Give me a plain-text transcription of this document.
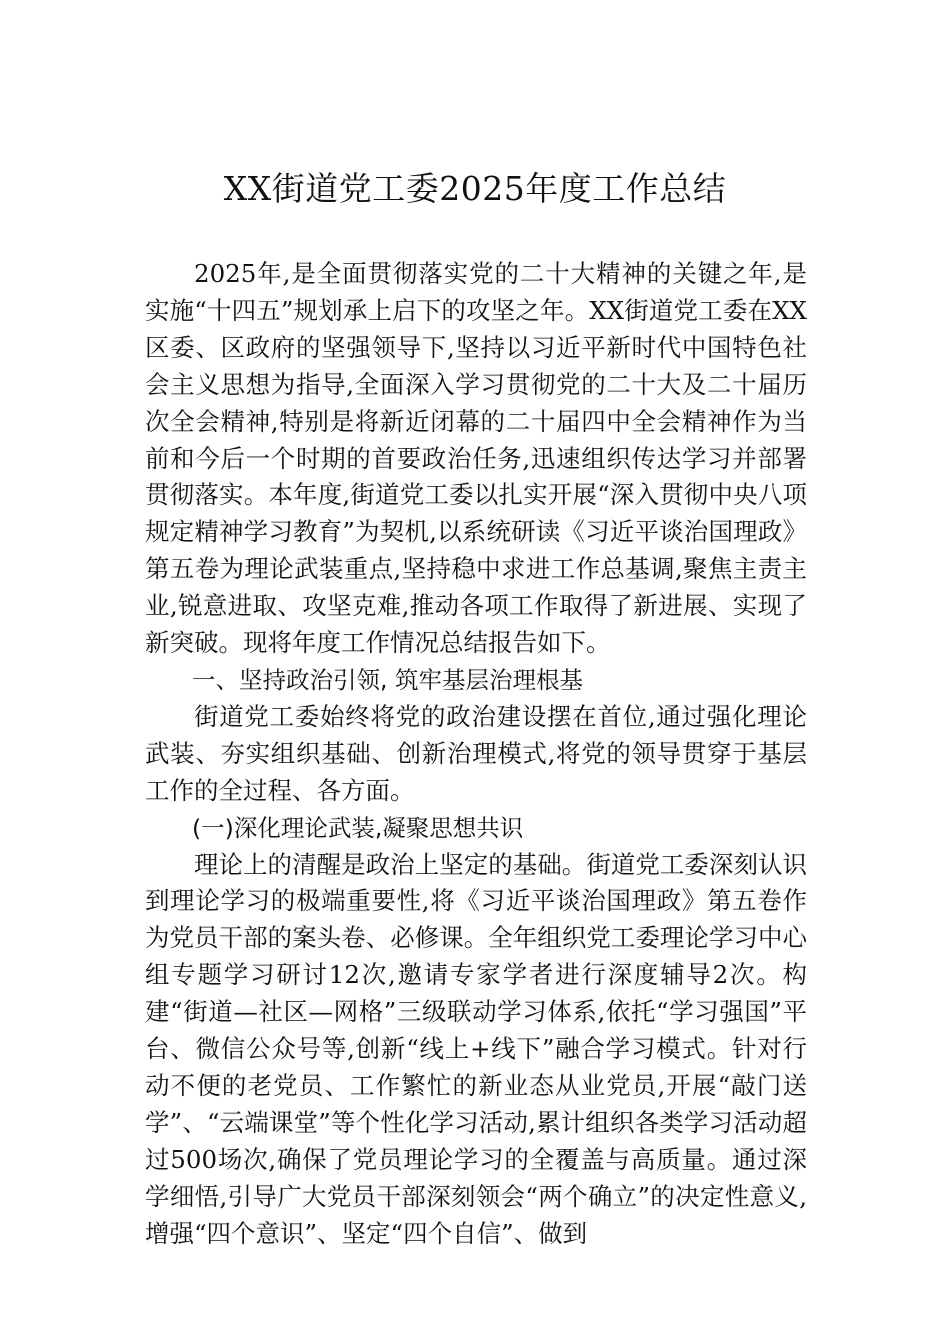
XX街道党工委2025年度工作总结

2025年,是全面贯彻落实党的二十大精神的关键之年,是实施“十四五”规划承上启下的攻坚之年。XX街道党工委在XX区委、区政府的坚强领导下,坚持以习近平新时代中国特色社会主义思想为指导,全面深入学习贯彻党的二十大及二十届历次全会精神,特别是将新近闭幕的二十届四中全会精神作为当前和今后一个时期的首要政治任务,迅速组织传达学习并部署贯彻落实。本年度,街道党工委以扎实开展“深入贯彻中央八项规定精神学习教育”为契机,以系统研读《习近平谈治国理政》第五卷为理论武装重点,坚持稳中求进工作总基调,聚焦主责主业,锐意进取、攻坚克难,推动各项工作取得了新进展、实现了新突破。现将年度工作情况总结报告如下。

一、坚持政治引领, 筑牢基层治理根基

街道党工委始终将党的政治建设摆在首位,通过强化理论武装、夯实组织基础、创新治理模式,将党的领导贯穿于基层工作的全过程、各方面。

(一)深化理论武装,凝聚思想共识

理论上的清醒是政治上坚定的基础。街道党工委深刻认识到理论学习的极端重要性,将《习近平谈治国理政》第五卷作为党员干部的案头卷、必修课。全年组织党工委理论学习中心组专题学习研讨12次,邀请专家学者进行深度辅导2次。构建“街道—社区—网格”三级联动学习体系,依托“学习强国”平台、微信公众号等,创新“线上+线下”融合学习模式。针对行动不便的老党员、工作繁忙的新业态从业党员,开展“敲门送学”、“云端课堂”等个性化学习活动,累计组织各类学习活动超过500场次,确保了党员理论学习的全覆盖与高质量。通过深学细悟,引导广大党员干部深刻领会“两个确立”的决定性意义,增强“四个意识”、坚定“四个自信”、做到
